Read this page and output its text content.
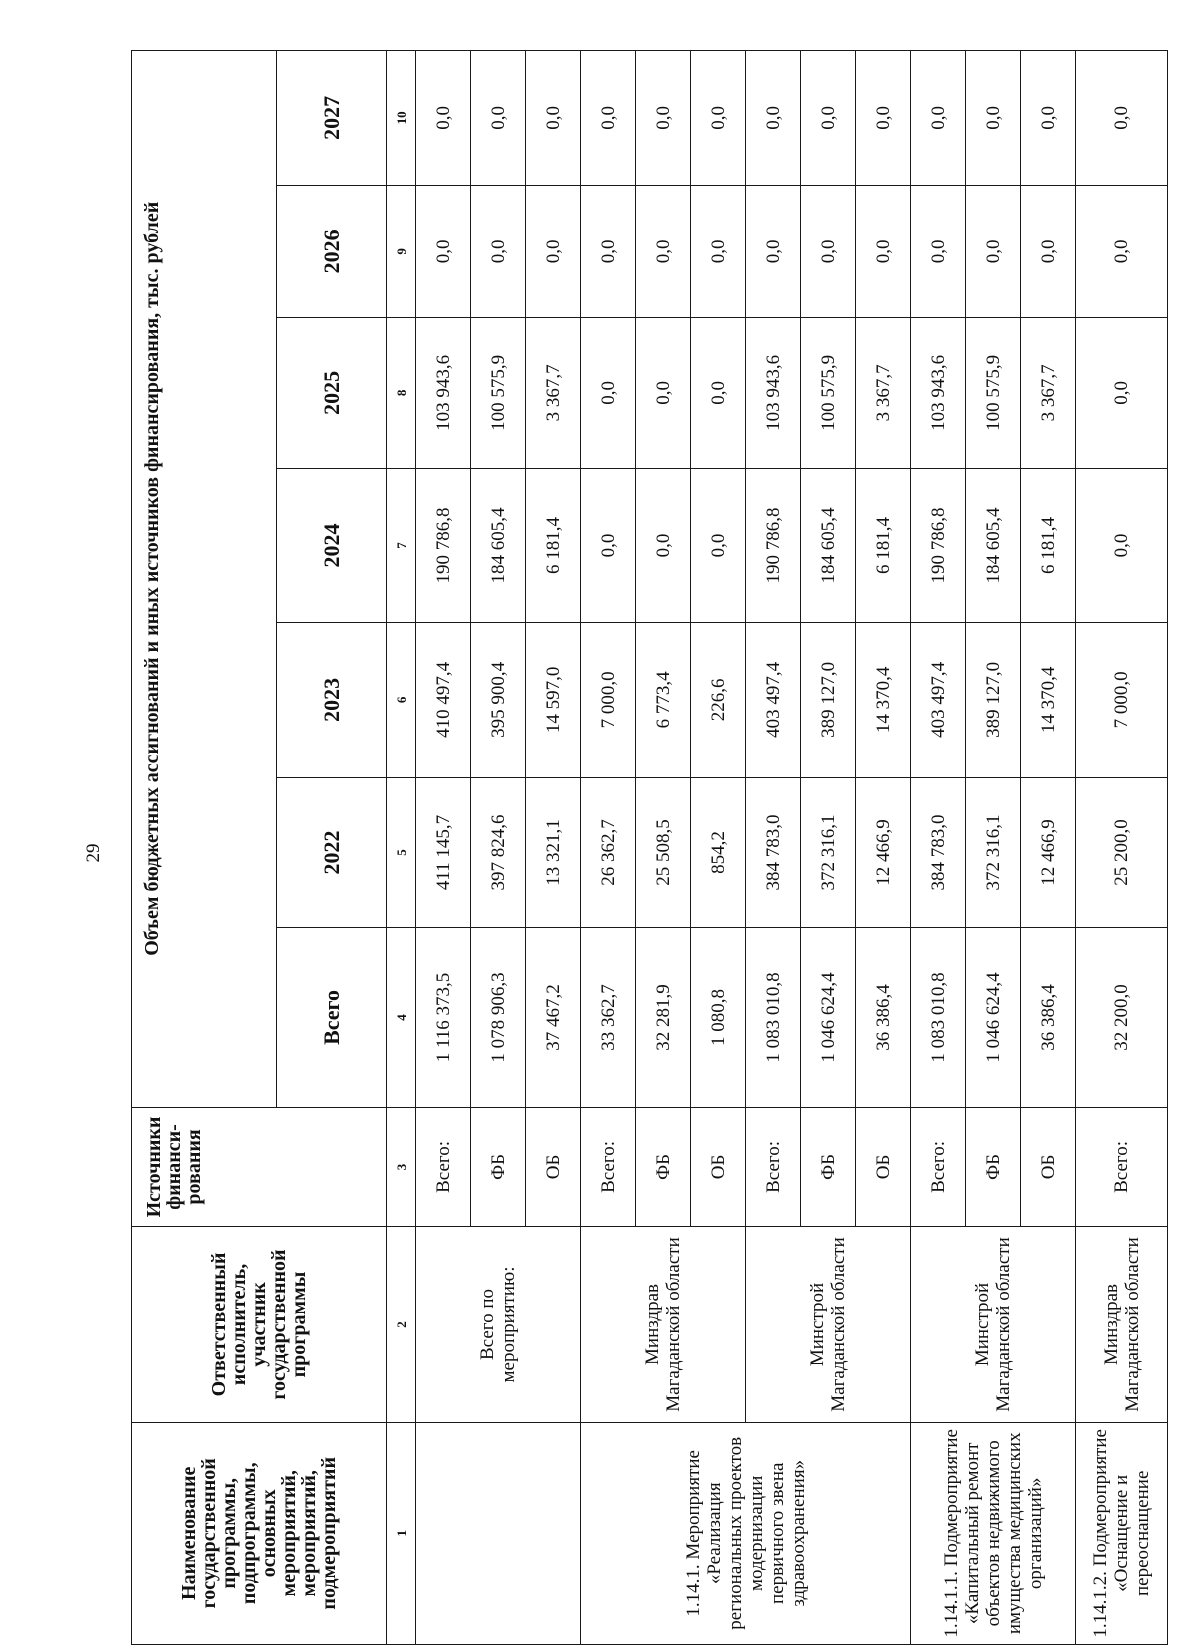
29
Наименование государственной программы, подпрограммы, основных мероприятий, мероприятий, подмероприятий	Ответственный исполнитель, участник государственной программы	Источники финанси-рования	Объем бюджетных ассигнований и иных источников финансирования, тыс. рублей						
			Всего	2022	2023	2024	2025	2026	2027
1	2	3	4	5	6	7	8	9	10
	Всего по мероприятию:	Всего:	1 116 373,5	411 145,7	410 497,4	190 786,8	103 943,6	0,0	0,0
		ФБ	1 078 906,3	397 824,6	395 900,4	184 605,4	100 575,9	0,0	0,0
		ОБ	37 467,2	13 321,1	14 597,0	6 181,4	3 367,7	0,0	0,0
1.14.1. Мероприятие «Реализация региональных проектов модернизации первичного звена здравоохранения»	Минздрав Магаданской области	Всего:	33 362,7	26 362,7	7 000,0	0,0	0,0	0,0	0,0
		ФБ	32 281,9	25 508,5	6 773,4	0,0	0,0	0,0	0,0
		ОБ	1 080,8	854,2	226,6	0,0	0,0	0,0	0,0
	Минстрой Магаданской области	Всего:	1 083 010,8	384 783,0	403 497,4	190 786,8	103 943,6	0,0	0,0
		ФБ	1 046 624,4	372 316,1	389 127,0	184 605,4	100 575,9	0,0	0,0
		ОБ	36 386,4	12 466,9	14 370,4	6 181,4	3 367,7	0,0	0,0
1.14.1.1. Подмероприятие «Капитальный ремонт объектов недвижимого имущества медицинских организаций»	Минстрой Магаданской области	Всего:	1 083 010,8	384 783,0	403 497,4	190 786,8	103 943,6	0,0	0,0
		ФБ	1 046 624,4	372 316,1	389 127,0	184 605,4	100 575,9	0,0	0,0
		ОБ	36 386,4	12 466,9	14 370,4	6 181,4	3 367,7	0,0	0,0
1.14.1.2. Подмероприятие «Оснащение и переоснащение	Минздрав Магаданской области	Всего:	32 200,0	25 200,0	7 000,0	0,0	0,0	0,0	0,0
